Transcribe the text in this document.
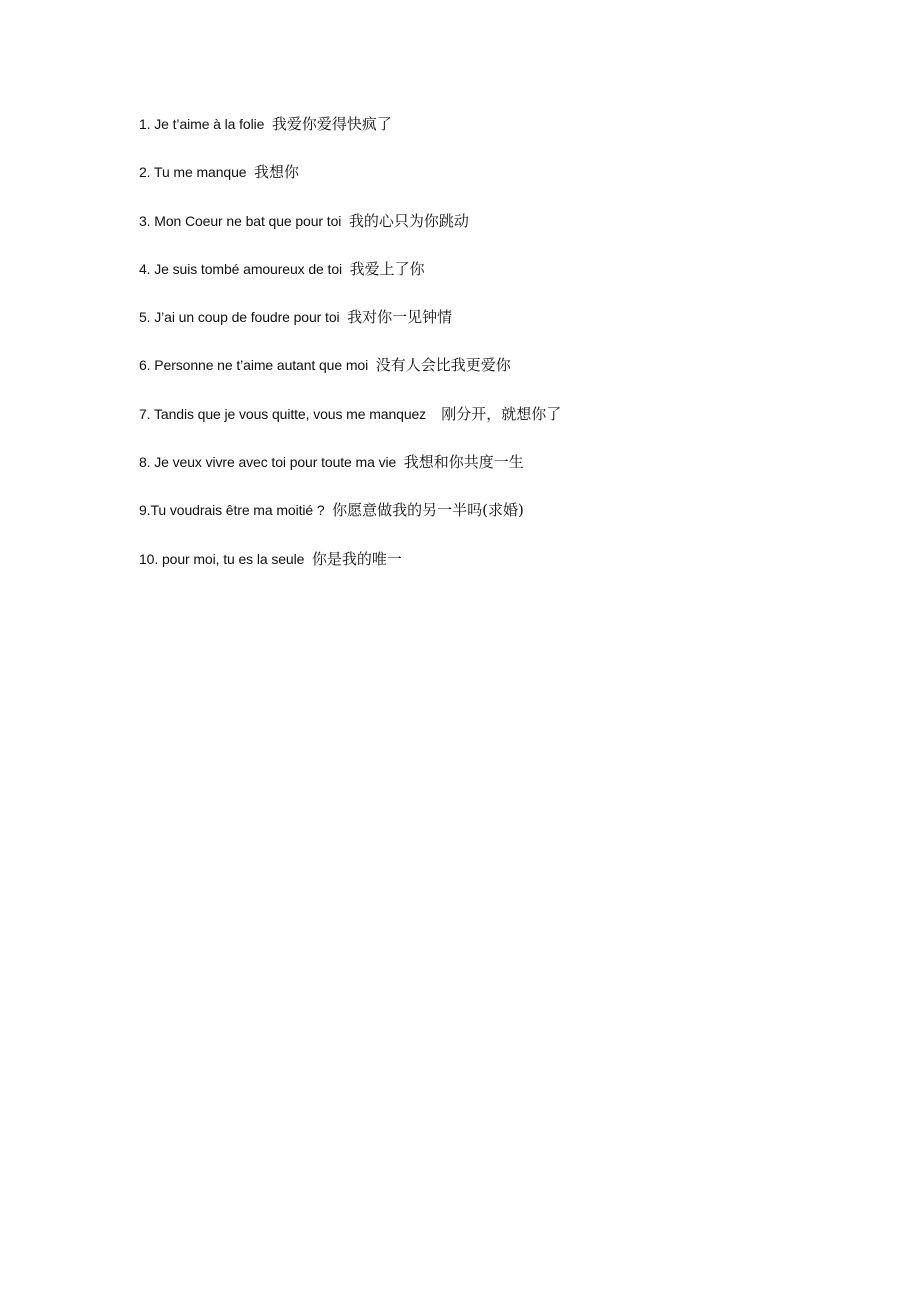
1. Je t’aime à la folie  我爱你爱得快疯了
2. Tu me manque  我想你
3. Mon Coeur ne bat que pour toi  我的心只为你跳动
4. Je suis tombé amoureux de toi  我爱上了你
5. J’ai un coup de foudre pour toi  我对你一见钟情
6. Personne ne t’aime autant que moi  没有人会比我更爱你
7. Tandis que je vous quitte, vous me manquez    刚分开，就想你了
8. Je veux vivre avec toi pour toute ma vie  我想和你共度一生
9.Tu voudrais être ma moitié ?  你愿意做我的另一半吗(求婚)
10. pour moi, tu es la seule  你是我的唯一
